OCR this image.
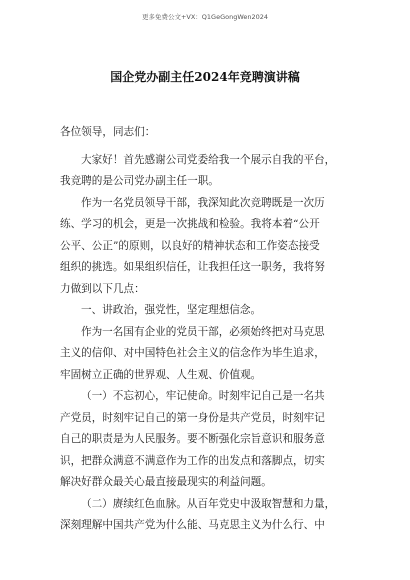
更多免费公文+VX：Q1GeGongWen2024
国企党办副主任2024年竞聘演讲稿
各位领导，同志们：
大家好！首先感谢公司党委给我一个展示自我的平台，
我竞聘的是公司党办副主任一职。
作为一名党员领导干部，我深知此次竞聘既是一次历
练、学习的机会，更是一次挑战和检验。我将本着“公开
公平、公正”的原则，以良好的精神状态和工作姿态接受
组织的挑选。如果组织信任，让我担任这一职务，我将努
力做到以下几点：
一、讲政治，强党性，坚定理想信念。
作为一名国有企业的党员干部，必须始终把对马克思
主义的信仰、对中国特色社会主义的信念作为毕生追求，
牢固树立正确的世界观、人生观、价值观。
（一）不忘初心，牢记使命。时刻牢记自己是一名共
产党员，时刻牢记自己的第一身份是共产党员，时刻牢记
自己的职责是为人民服务。要不断强化宗旨意识和服务意
识，把群众满意不满意作为工作的出发点和落脚点，切实
解决好群众最关心最直接最现实的利益问题。
（二）赓续红色血脉。从百年党史中汲取智慧和力量，
深刻理解中国共产党为什么能、马克思主义为什么行、中
